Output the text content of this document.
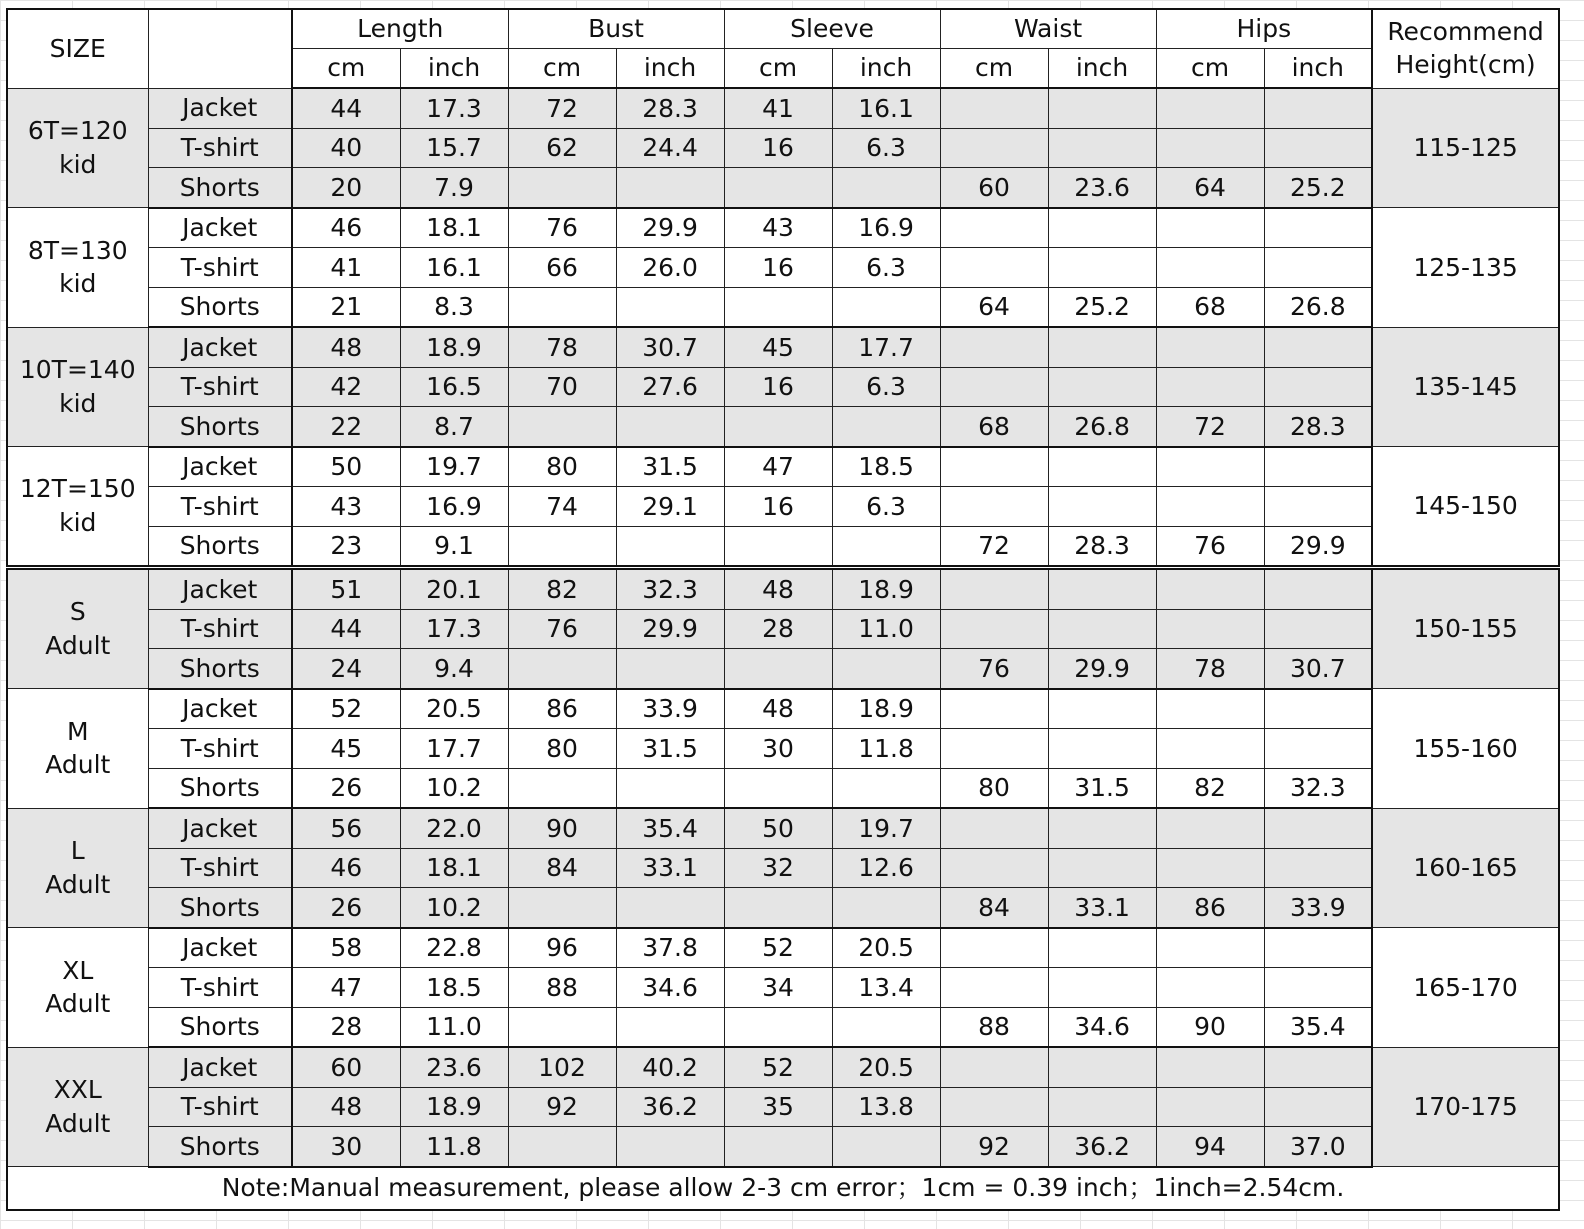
SIZE		Length		Bust		Sleeve		Waist		Hips		Recommend
Height(cm)
		cm	inch	cm	inch	cm	inch	cm	inch	cm	inch	
6T=120
kid	Jacket	44	17.3	72	28.3	41	16.1					115-125
	T-shirt	40	15.7	62	24.4	16	6.3					
	Shorts	20	7.9					60	23.6	64	25.2	
8T=130
kid	Jacket	46	18.1	76	29.9	43	16.9					125-135
	T-shirt	41	16.1	66	26.0	16	6.3					
	Shorts	21	8.3					64	25.2	68	26.8	
10T=140
kid	Jacket	48	18.9	78	30.7	45	17.7					135-145
	T-shirt	42	16.5	70	27.6	16	6.3					
	Shorts	22	8.7					68	26.8	72	28.3	
12T=150
kid	Jacket	50	19.7	80	31.5	47	18.5					145-150
	T-shirt	43	16.9	74	29.1	16	6.3					
	Shorts	23	9.1					72	28.3	76	29.9	
S
Adult	Jacket	51	20.1	82	32.3	48	18.9					150-155
	T-shirt	44	17.3	76	29.9	28	11.0					
	Shorts	24	9.4					76	29.9	78	30.7	
M
Adult	Jacket	52	20.5	86	33.9	48	18.9					155-160
	T-shirt	45	17.7	80	31.5	30	11.8					
	Shorts	26	10.2					80	31.5	82	32.3	
L
Adult	Jacket	56	22.0	90	35.4	50	19.7					160-165
	T-shirt	46	18.1	84	33.1	32	12.6					
	Shorts	26	10.2					84	33.1	86	33.9	
XL
Adult	Jacket	58	22.8	96	37.8	52	20.5					165-170
	T-shirt	47	18.5	88	34.6	34	13.4					
	Shorts	28	11.0					88	34.6	90	35.4	
XXL
Adult	Jacket	60	23.6	102	40.2	52	20.5					170-175
	T-shirt	48	18.9	92	36.2	35	13.8					
	Shorts	30	11.8					92	36.2	94	37.0	
Note:Manual measurement, please allow 2-3 cm error；1cm = 0.39 inch；1inch=2.54cm.												
